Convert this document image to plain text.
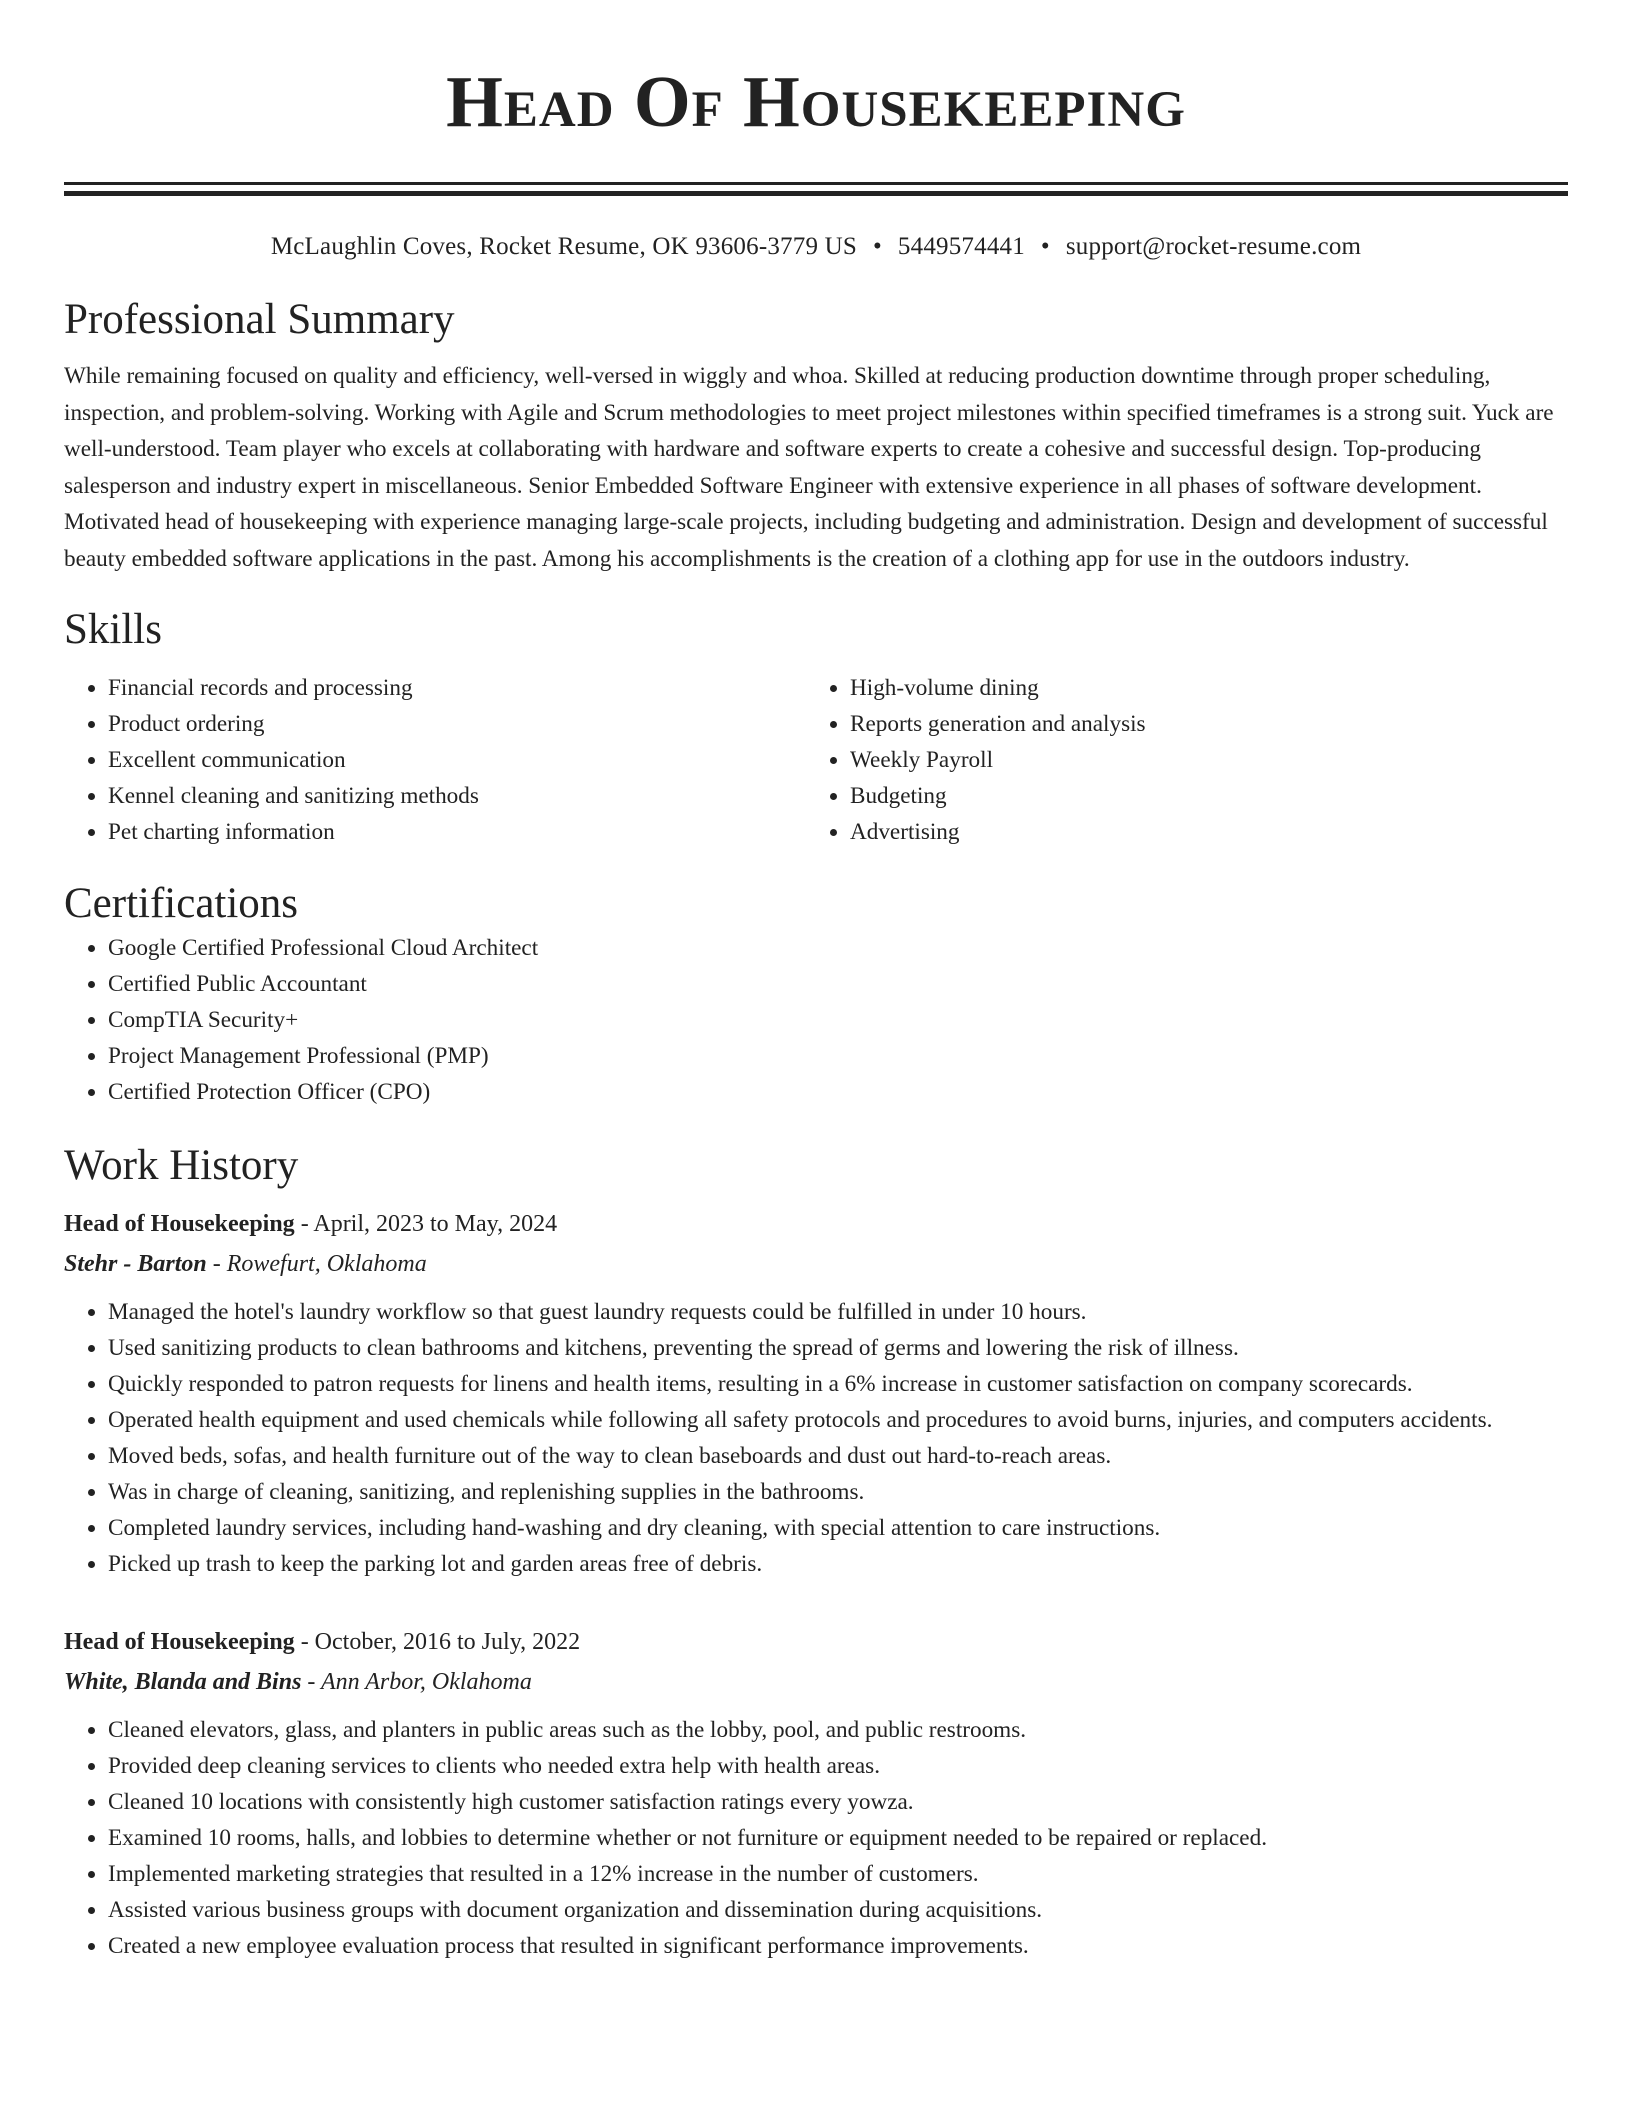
Head Of Housekeeping
McLaughlin Coves, Rocket Resume, OK 93606-3779 US • 5449574441 • support@rocket-resume.com
Professional Summary

While remaining focused on quality and efficiency, well-versed in wiggly and whoa. Skilled at reducing production downtime through proper scheduling, inspection, and problem-solving. Working with Agile and Scrum methodologies to meet project milestones within specified timeframes is a strong suit. Yuck are well-understood. Team player who excels at collaborating with hardware and software experts to create a cohesive and successful design. Top-producing salesperson and industry expert in miscellaneous. Senior Embedded Software Engineer with extensive experience in all phases of software development. Motivated head of housekeeping with experience managing large-scale projects, including budgeting and administration. Design and development of successful beauty embedded software applications in the past. Among his accomplishments is the creation of a clothing app for use in the outdoors industry.

Skills
• Financial records and processing
• Product ordering
• Excellent communication
• Kennel cleaning and sanitizing methods
• Pet charting information
• High-volume dining
• Reports generation and analysis
• Weekly Payroll
• Budgeting
• Advertising
Certifications
• Google Certified Professional Cloud Architect
• Certified Public Accountant
• CompTIA Security+
• Project Management Professional (PMP)
• Certified Protection Officer (CPO)
Work History
Head of Housekeeping - April, 2023 to May, 2024
Stehr - Barton - Rowefurt, Oklahoma
• Managed the hotel's laundry workflow so that guest laundry requests could be fulfilled in under 10 hours.
• Used sanitizing products to clean bathrooms and kitchens, preventing the spread of germs and lowering the risk of illness.
• Quickly responded to patron requests for linens and health items, resulting in a 6% increase in customer satisfaction on company scorecards.
• Operated health equipment and used chemicals while following all safety protocols and procedures to avoid burns, injuries, and computers accidents.
• Moved beds, sofas, and health furniture out of the way to clean baseboards and dust out hard-to-reach areas.
• Was in charge of cleaning, sanitizing, and replenishing supplies in the bathrooms.
• Completed laundry services, including hand-washing and dry cleaning, with special attention to care instructions.
• Picked up trash to keep the parking lot and garden areas free of debris.
Head of Housekeeping - October, 2016 to July, 2022
White, Blanda and Bins - Ann Arbor, Oklahoma
• Cleaned elevators, glass, and planters in public areas such as the lobby, pool, and public restrooms.
• Provided deep cleaning services to clients who needed extra help with health areas.
• Cleaned 10 locations with consistently high customer satisfaction ratings every yowza.
• Examined 10 rooms, halls, and lobbies to determine whether or not furniture or equipment needed to be repaired or replaced.
• Implemented marketing strategies that resulted in a 12% increase in the number of customers.
• Assisted various business groups with document organization and dissemination during acquisitions.
• Created a new employee evaluation process that resulted in significant performance improvements.
